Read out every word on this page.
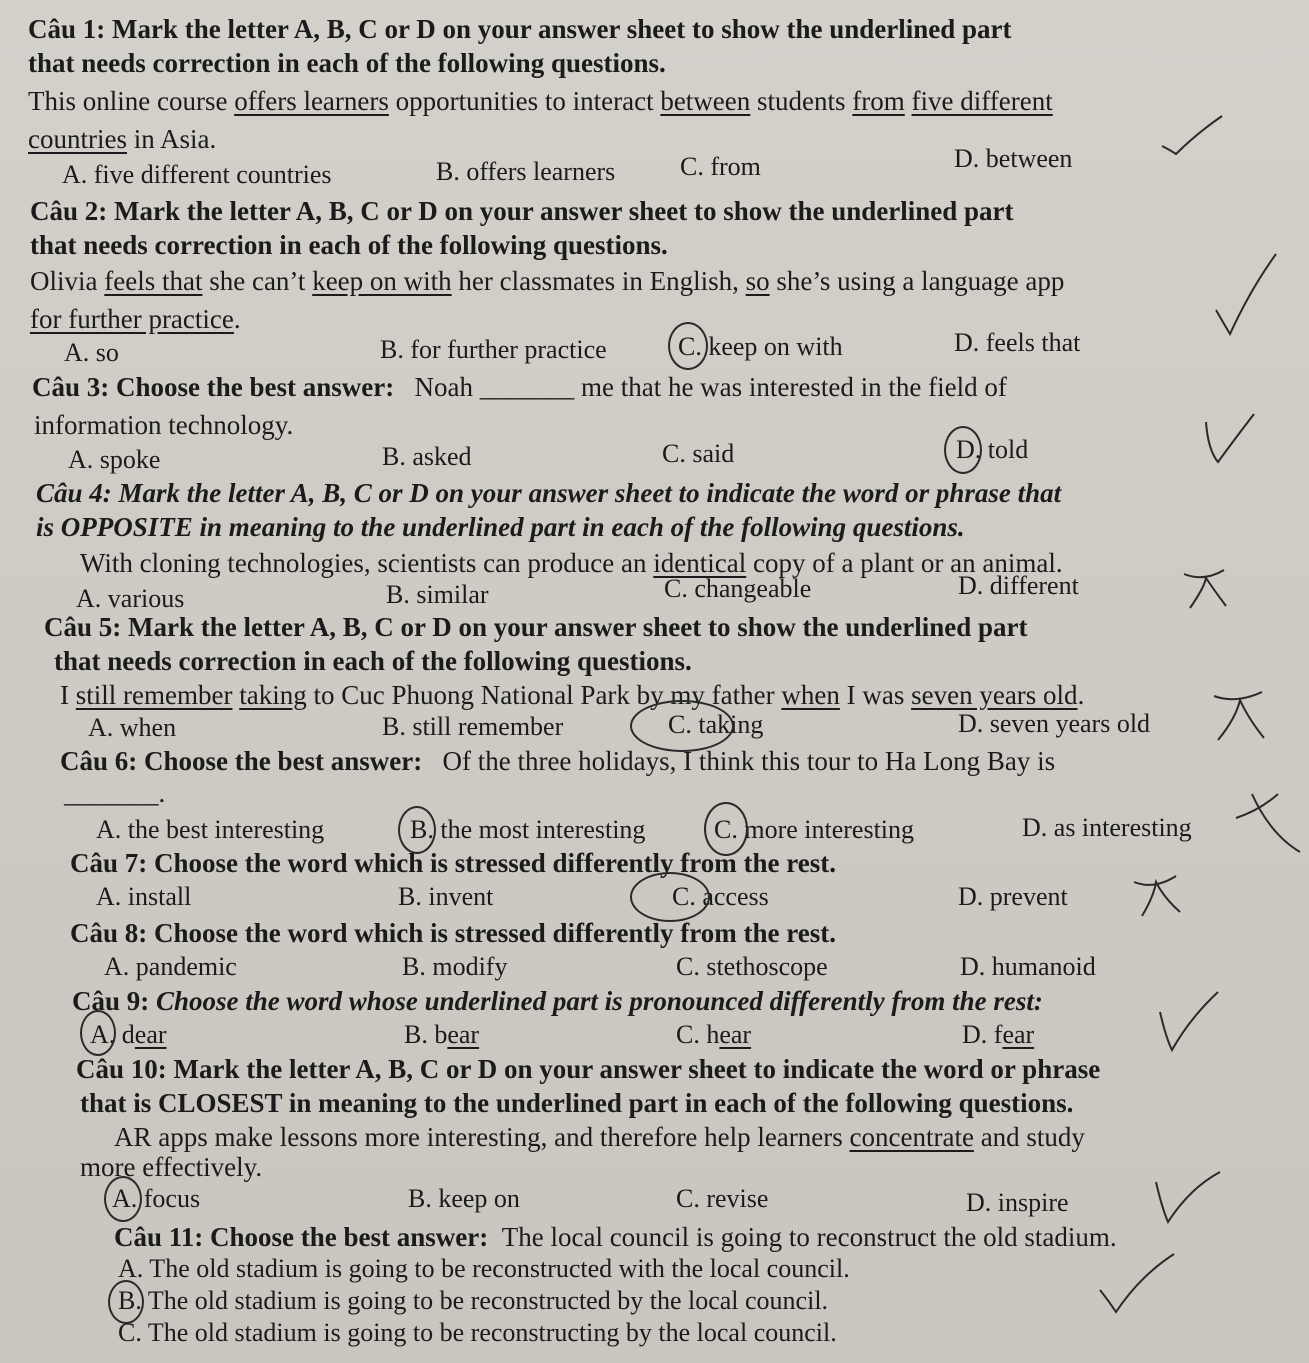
Câu 1: Mark the letter A, B, C or D on your answer sheet to show the underlined part
that needs correction in each of the following questions.
This online course offers learners opportunities to interact between students from five different
countries in Asia.
A. five different countries	B. offers learners C. from	D. between
Câu 2: Mark the letter A, B, C or D on your answer sheet to show the underlined part
that needs correction in each of the following questions.
Olivia feels that she can’t keep on with her classmates in English, so she’s using a language app
for further practice.
A. so	B. for further practice	C. keep on with	D. feels that
Câu 3: Choose the best answer: Noah _______ me that he was interested in the field of
information technology.
A. spoke	B. asked	C. said	D. told
Câu 4: Mark the letter A, B, C or D on your answer sheet to indicate the word or phrase that
is OPPOSITE in meaning to the underlined part in each of the following questions.
With cloning technologies, scientists can produce an identical copy of a plant or an animal.
A. various	B. similar	C. changeable	D. different
Câu 5: Mark the letter A, B, C or D on your answer sheet to show the underlined part
that needs correction in each of the following questions.
I still remember taking to Cuc Phuong National Park by my father when I was seven years old.
A. when	B. still remember	C. taking	D. seven years old
Câu 6: Choose the best answer: Of the three holidays, I think this tour to Ha Long Bay is
_______.
A. the best interesting	B. the most interesting	C. more interesting	D. as interesting
Câu 7: Choose the word which is stressed differently from the rest.
A. install	B. invent	C. access	D. prevent
Câu 8: Choose the word which is stressed differently from the rest.
A. pandemic	B. modify	C. stethoscope	D. humanoid
Câu 9: Choose the word whose underlined part is pronounced differently from the rest:
A. dear	B. bear	C. hear	D. fear
Câu 10: Mark the letter A, B, C or D on your answer sheet to indicate the word or phrase
that is CLOSEST in meaning to the underlined part in each of the following questions.
AR apps make lessons more interesting, and therefore help learners concentrate and study
more effectively.
A. focus	B. keep on	C. revise	D. inspire
Câu 11: Choose the best answer: The local council is going to reconstruct the old stadium.
A. The old stadium is going to be reconstructed with the local council.
B. The old stadium is going to be reconstructed by the local council.
C. The old stadium is going to be reconstructing by the local council.
